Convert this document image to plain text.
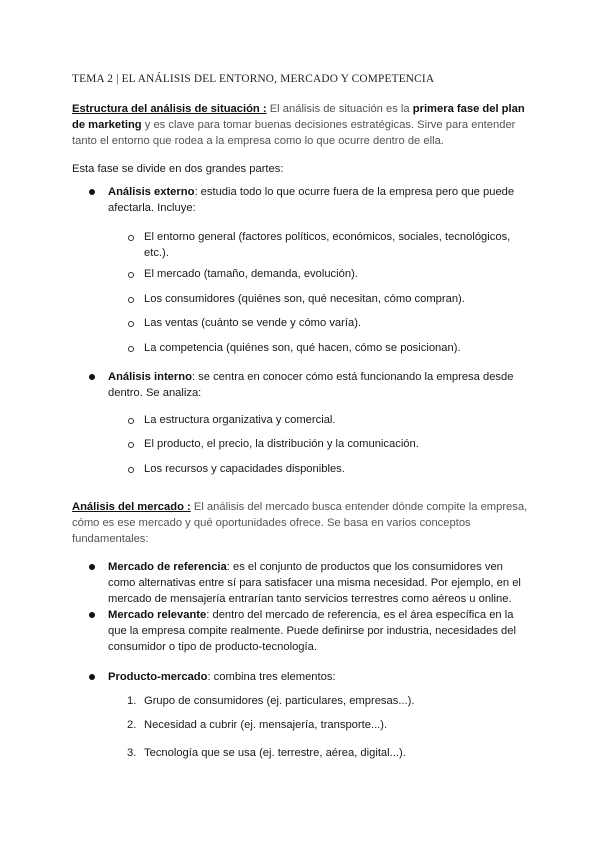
TEMA 2 | EL ANÁLISIS DEL ENTORNO, MERCADO Y COMPETENCIA
Estructura del análisis de situación : El análisis de situación es la primera fase del plan
de marketing y es clave para tomar buenas decisiones estratégicas. Sirve para entender
tanto el entorno que rodea a la empresa como lo que ocurre dentro de ella.
Esta fase se divide en dos grandes partes:
Análisis externo: estudia todo lo que ocurre fuera de la empresa pero que puede
afectarla. Incluye:
El entorno general (factores políticos, económicos, sociales, tecnológicos,
etc.).
El mercado (tamaño, demanda, evolución).
Los consumidores (quiénes son, qué necesitan, cómo compran).
Las ventas (cuánto se vende y cómo varía).
La competencia (quiénes son, qué hacen, cómo se posicionan).
Análisis interno: se centra en conocer cómo está funcionando la empresa desde
dentro. Se analiza:
La estructura organizativa y comercial.
El producto, el precio, la distribución y la comunicación.
Los recursos y capacidades disponibles.
Análisis del mercado : El análisis del mercado busca entender dónde compite la empresa,
cómo es ese mercado y qué oportunidades ofrece. Se basa en varios conceptos
fundamentales:
Mercado de referencia: es el conjunto de productos que los consumidores ven
como alternativas entre sí para satisfacer una misma necesidad. Por ejemplo, en el
mercado de mensajería entrarían tanto servicios terrestres como aéreos u online.
Mercado relevante: dentro del mercado de referencia, es el área específica en la
que la empresa compite realmente. Puede definirse por industria, necesidades del
consumidor o tipo de producto-tecnología.
Producto-mercado: combina tres elementos:
1. Grupo de consumidores (ej. particulares, empresas...).
2. Necesidad a cubrir (ej. mensajería, transporte...).
3. Tecnología que se usa (ej. terrestre, aérea, digital...).
